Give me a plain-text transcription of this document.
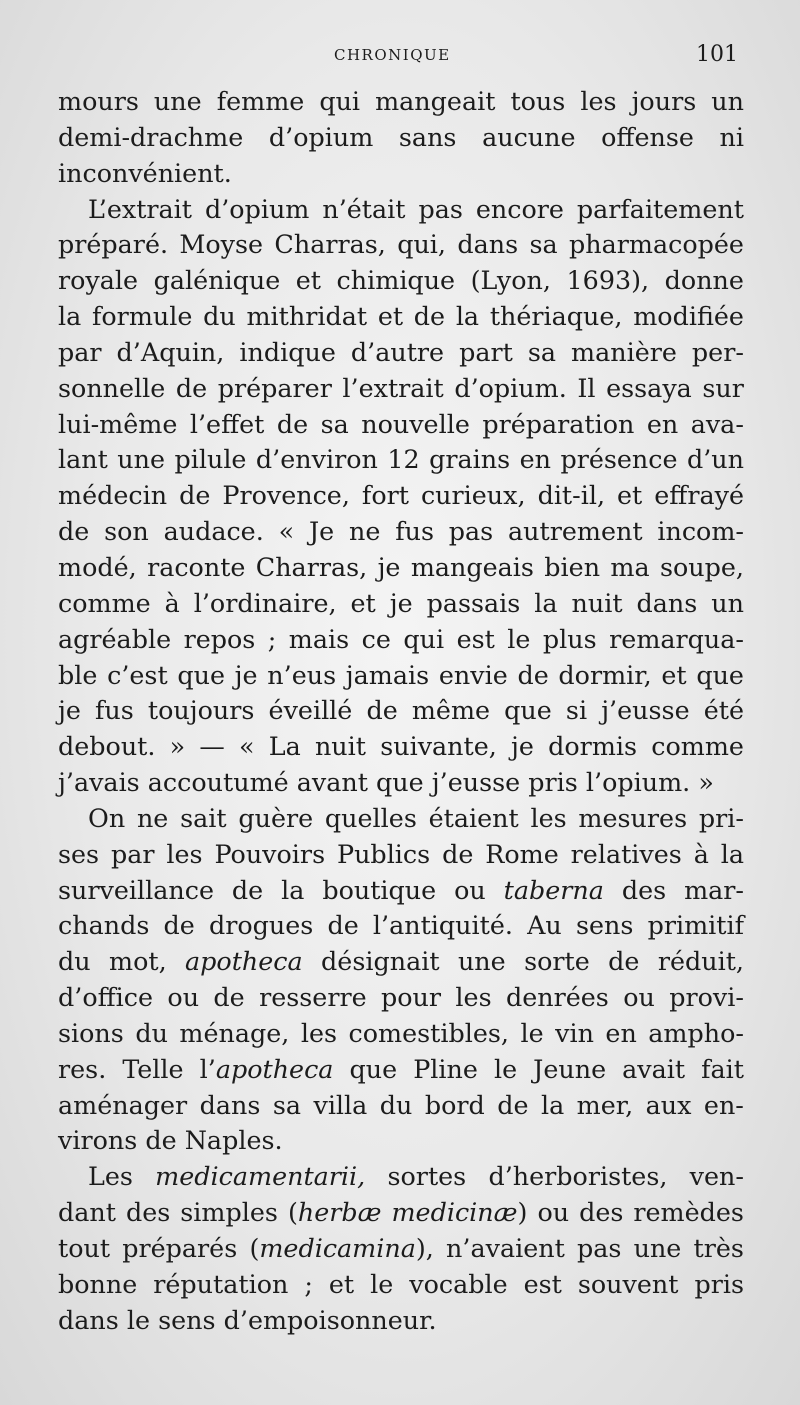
CHRONIQUE	101
mours une femme qui mangeait tous les jours un
demi-drachme d’opium sans aucune offense ni
inconvénient.
L’extrait d’opium n’était pas encore parfaitement
préparé. Moyse Charras, qui, dans sa pharmacopée
royale galénique et chimique (Lyon, 1693), donne
la formule du mithridat et de la thériaque, modifiée
par d’Aquin, indique d’autre part sa manière per-
sonnelle de préparer l’extrait d’opium. Il essaya sur
lui-même l’effet de sa nouvelle préparation en ava-
lant une pilule d’environ 12 grains en présence d’un
médecin de Provence, fort curieux, dit-il, et effrayé
de son audace. « Je ne fus pas autrement incom-
modé, raconte Charras, je mangeais bien ma soupe,
comme à l’ordinaire, et je passais la nuit dans un
agréable repos ; mais ce qui est le plus remarqua-
ble c’est que je n’eus jamais envie de dormir, et que
je fus toujours éveillé de même que si j’eusse été
debout. » — « La nuit suivante, je dormis comme
j’avais
accoutumé
avant
que
j’eusse
pris
l’opium.
»
On ne sait guère quelles étaient les mesures pri-
ses par les Pouvoirs Publics de Rome relatives à la
surveillance de la boutique ou taberna des mar-
chands de drogues de l’antiquité. Au sens primitif
du mot, apotheca désignait une sorte de réduit,
d’office ou de resserre pour les denrées ou provi-
sions du ménage, les comestibles, le vin en ampho-
res. Telle l’apotheca que Pline le Jeune avait fait
aménager dans sa villa du bord de la mer, aux en-
virons
de
Naples.
Les medicamentarii, sortes d’herboristes, ven-
dant des simples (herbæ medicinæ) ou des remèdes
tout préparés (medicamina), n’avaient pas une très
bonne réputation ; et le vocable est souvent pris
dans
le
sens
d’empoisonneur.
